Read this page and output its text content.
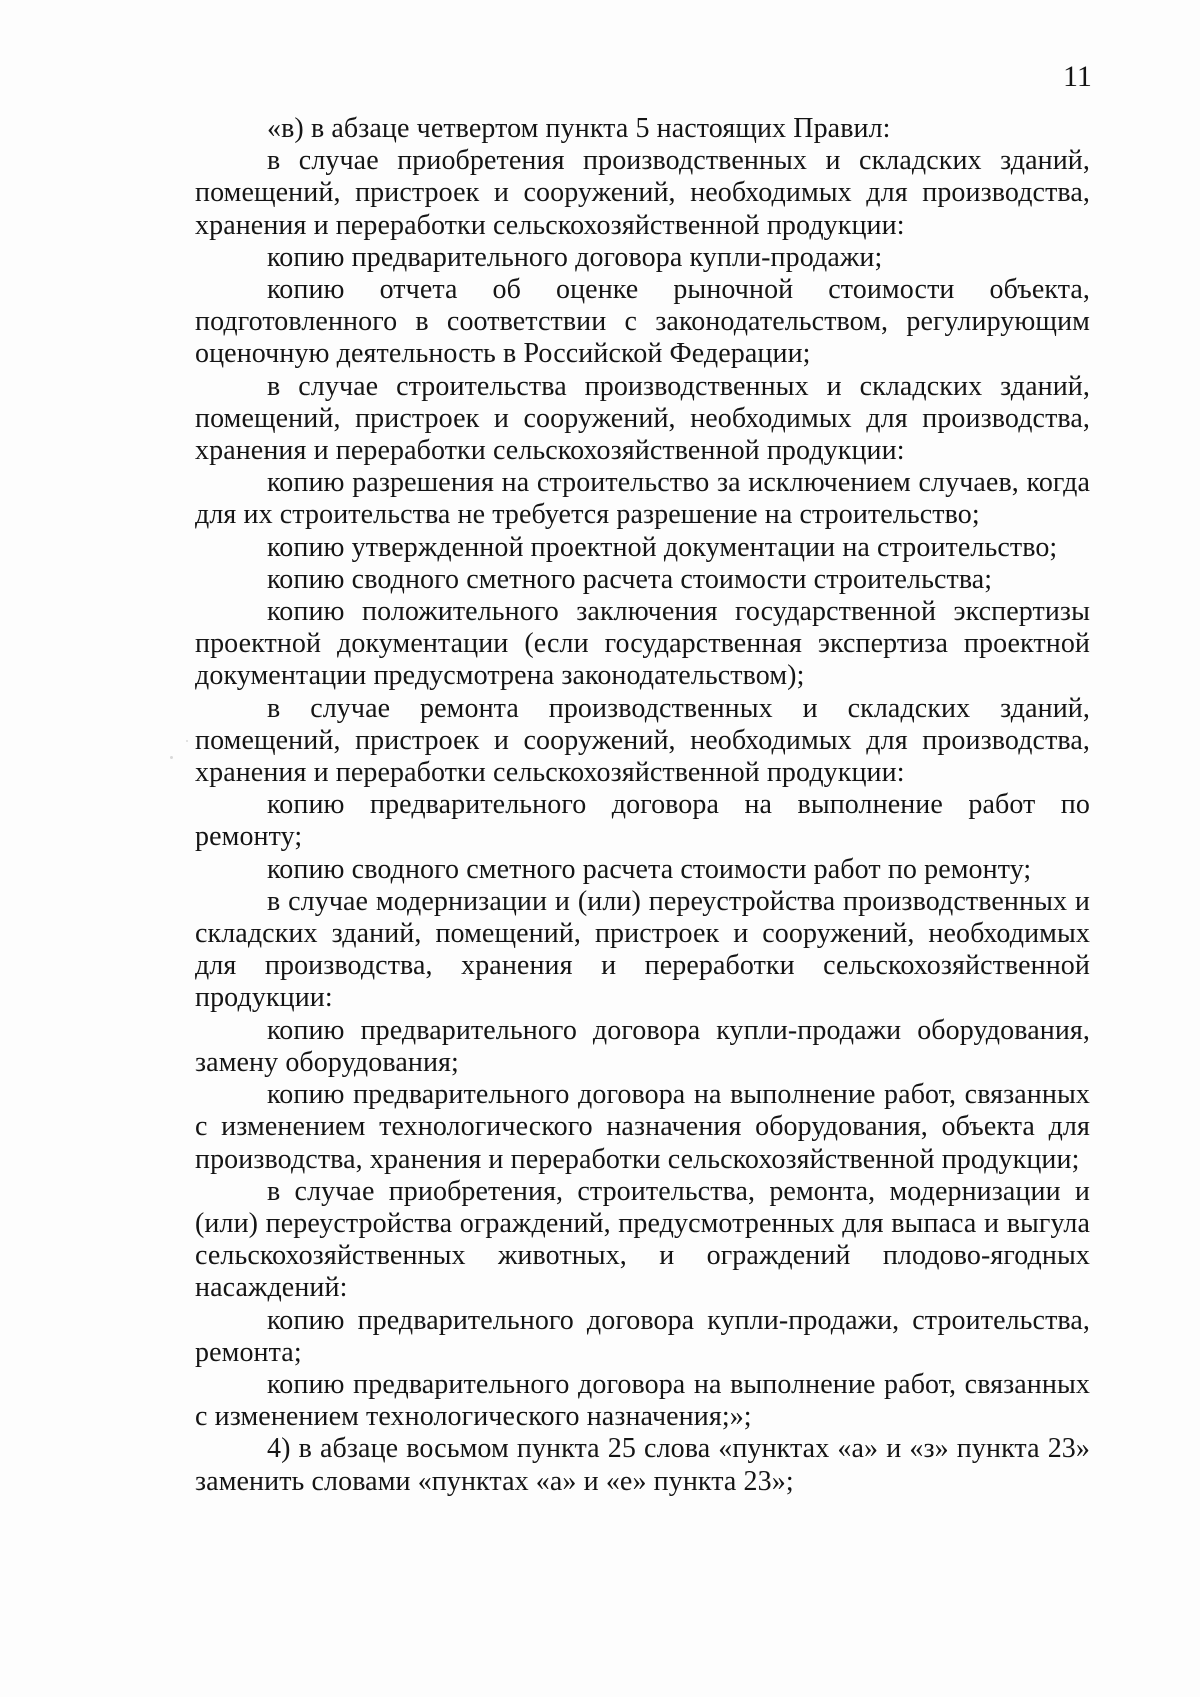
11

«в) в абзаце четвертом пункта 5 настоящих Правил:

в случае приобретения производственных и складских зданий, помещений, пристроек и сооружений, необходимых для производства, хранения и переработки сельскохозяйственной продукции:

копию предварительного договора купли-продажи;

копию отчета об оценке рыночной стоимости объекта, подготовленного в соответствии с законодательством, регулирующим оценочную деятельность в Российской Федерации;

в случае строительства производственных и складских зданий, помещений, пристроек и сооружений, необходимых для производства, хранения и переработки сельскохозяйственной продукции:

копию разрешения на строительство за исключением случаев, когда для их строительства не требуется разрешение на строительство;

копию утвержденной проектной документации на строительство;

копию сводного сметного расчета стоимости строительства;

копию положительного заключения государственной экспертизы проектной документации (если государственная экспертиза проектной документации предусмотрена законодательством);

в случае ремонта производственных и складских зданий, помещений, пристроек и сооружений, необходимых для производства, хранения и переработки сельскохозяйственной продукции:

копию предварительного договора на выполнение работ по ремонту;

копию сводного сметного расчета стоимости работ по ремонту;

в случае модернизации и (или) переустройства производственных и складских зданий, помещений, пристроек и сооружений, необходимых для производства, хранения и переработки сельскохозяйственной продукции:

копию предварительного договора купли-продажи оборудования, замену оборудования;

копию предварительного договора на выполнение работ, связанных с изменением технологического назначения оборудования, объекта для производства, хранения и переработки сельскохозяйственной продукции;

в случае приобретения, строительства, ремонта, модернизации и (или) переустройства ограждений, предусмотренных для выпаса и выгула сельскохозяйственных животных, и ограждений плодово-ягодных насаждений:

копию предварительного договора купли-продажи, строительства, ремонта;

копию предварительного договора на выполнение работ, связанных с изменением технологического назначения;»;

4) в абзаце восьмом пункта 25 слова «пунктах «а» и «з» пункта 23» заменить словами «пунктах «а» и «е» пункта 23»;
